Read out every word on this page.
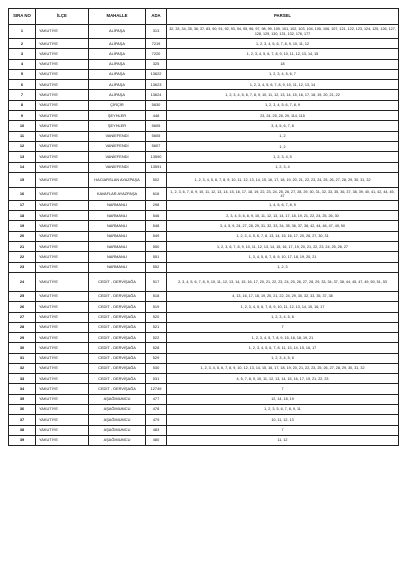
SIRA NO	İLÇE	MAHALLE	ADA	PARSEL
1	YAKUTİYE	ALİPAŞA	313	32, 33, 34, 35, 36, 37, 83, 90, 91, 92, 93, 94, 95, 96, 97, 98, 99, 100, 101, 102, 103, 104, 105, 106, 107, 121, 122, 123, 124, 125, 126, 127, 128, 129, 130, 131, 132, 176, 177
2	YAKUTİYE	ALİPAŞA	7219	1, 2, 3, 4, 5, 6, 7, 8, 9, 10, 11, 12
3	YAKUTİYE	ALİPAŞA	7220	1, 2, 3, 4, 5, 6, 7, 8, 9, 10, 11, 12, 13, 14, 15
4	YAKUTİYE	ALİPAŞA	325	18
5	YAKUTİYE	ALİPAŞA	13622	1, 2, 3, 4, 5, 6, 7
6	YAKUTİYE	ALİPAŞA	13623	1, 2, 3, 4, 5, 6, 7, 8, 9, 10, 11, 12, 13, 14
7	YAKUTİYE	ALİPAŞA	13624	1, 2, 3, 4, 5, 6, 7, 8, 9, 10, 11, 12, 13, 14, 15, 16, 17, 18, 19, 20, 21, 22
8	YAKUTİYE	ÇİRÇİR	5630	1, 2, 3, 4, 5, 6, 7, 8, 9
9	YAKUTİYE	ŞEYHLER	448	23, 24, 25, 26, 29, 114, 115
10	YAKUTİYE	ŞEYHLER	5605	3, 4, 5, 6, 7, 8
11	YAKUTİYE	VANİEFENDİ	5605	1, 2
12	YAKUTİYE	VANİEFENDİ	5607	1, 2
13	YAKUTİYE	VANİEFENDİ	13590	1, 2, 3, 4, 5
14	YAKUTİYE	VANİEFENDİ	13591	1, 2, 3, 4
15	YAKUTİYE	HACIARSLAN AYAZPAŞA	502	1, 2, 3, 4, 5, 6, 7, 8, 9, 10, 11, 12, 13, 14, 15, 16, 17, 18, 19, 20, 21, 22, 23, 24, 25, 26, 27, 28, 29, 30, 31, 32
16	YAKUTİYE	KAVAFLAR AYAZPAŞA	616	1, 2, 3, 6, 7, 8, 9, 10, 11, 12, 13, 14, 15, 16, 17, 18, 19, 22, 23, 24, 25, 26, 27, 28, 29, 30, 31, 32, 33, 35, 36, 37, 38, 39, 40, 41, 42, 44, 45, 47
17	YAKUTİYE	NARMANLI	298	1, 4, 5, 6, 7, 8, 9
18	YAKUTİYE	NARMANLI	546	2, 3, 4, 5, 6, 8, 9, 10, 11, 12, 13, 14, 17, 18, 19, 21, 22, 24, 25, 26, 30
19	YAKUTİYE	NARMANLI	548	3, 4, 5, 9, 24, 27, 28, 29, 31, 32, 33, 34, 35, 36, 37, 38, 42, 44, 46, 47, 49, 50
20	YAKUTİYE	NARMANLI	549	1, 2, 3, 4, 5, 6, 7, 8, 13, 14, 15, 16, 17, 20, 26, 27, 30, 31
21	YAKUTİYE	NARMANLI	550	1, 2, 3, 6, 7, 8, 9, 10, 11, 12, 13, 14, 15, 16, 17, 19, 20, 21, 22, 23, 24, 25, 26, 27
22	YAKUTİYE	NARMANLI	551	1, 3, 4, 5, 6, 7, 8, 9, 10, 17, 18, 19, 20, 21
23	YAKUTİYE	NARMANLI	552	1, 2, 3
24	YAKUTİYE	CEDİT - DERVİŞAĞA	517	2, 3, 4, 5, 6, 7, 8, 9, 10, 11, 12, 13, 14, 15, 16, 17, 20, 21, 22, 23, 24, 25, 26, 27, 28, 29, 33, 34, 37, 38, 44, 45, 47, 49, 50, 51, 53
25	YAKUTİYE	CEDİT - DERVİŞAĞA	518	4, 13, 16, 17, 18, 19, 20, 21, 22, 24, 29, 30, 32, 33, 35, 37, 38
26	YAKUTİYE	CEDİT - DERVİŞAĞA	519	1, 2, 3, 4, 5, 6, 7, 8, 9, 10, 11, 12, 13, 14, 15, 16, 17
27	YAKUTİYE	CEDİT - DERVİŞAĞA	520	1, 2, 3, 4, 5, 8
28	YAKUTİYE	CEDİT - DERVİŞAĞA	521	7
29	YAKUTİYE	CEDİT - DERVİŞAĞA	522	1, 2, 3, 4, 5, 7, 8, 9, 15, 16, 18, 19, 21
30	YAKUTİYE	CEDİT - DERVİŞAĞA	528	1, 2, 3, 4, 5, 6, 7, 8, 11, 13, 14, 15, 16, 17
31	YAKUTİYE	CEDİT - DERVİŞAĞA	529	1, 2, 3, 4, 5, 6
32	YAKUTİYE	CEDİT - DERVİŞAĞA	530	1, 2, 3, 4, 5, 6, 7, 8, 9, 10, 12, 13, 14, 15, 16, 17, 18, 19, 20, 21, 22, 23, 25, 26, 27, 28, 29, 30, 31, 32
33	YAKUTİYE	CEDİT - DERVİŞAĞA	531	4, 5, 7, 8, 9, 10, 11, 12, 13, 14, 15, 16, 17, 19, 21, 22, 23
34	YAKUTİYE	CEDİT - DERVİŞAĞA	12749	7
35	YAKUTİYE	AŞAĞIMUMCU	477	12, 14, 18, 19
36	YAKUTİYE	AŞAĞIMUMCU	478	1, 2, 3, 5, 6, 7, 8, 9, 11
37	YAKUTİYE	AŞAĞIMUMCU	479	10, 11, 12, 13
38	YAKUTİYE	AŞAĞIMUMCU	483	7
39	YAKUTİYE	AŞAĞIMUMCU	480	11, 12
